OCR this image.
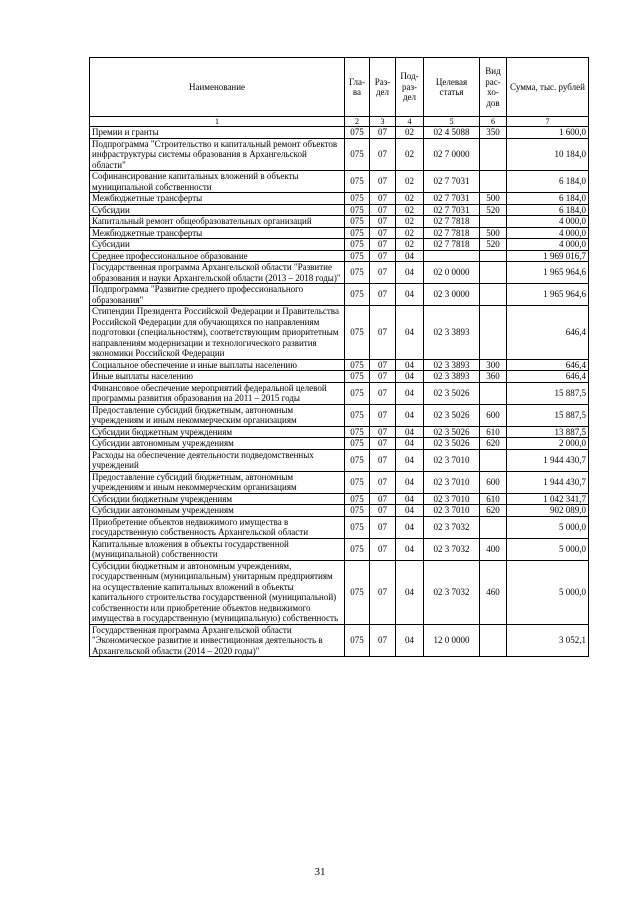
Наименование	Гла-ва	Раз-дел	Под-раз-дел	Целевая статья	Вид рас-хо-дов	Сумма, тыс. рублей
1	2	3	4	5	6	7
Премии и гранты	075	07	02	02 4 5088	350	1 600,0
Подпрограмма "Строительство и капитальный ремонт объектов инфраструктуры системы образования в Архангельской области"	075	07	02	02 7 0000		10 184,0
Софинансирование капитальных вложений в объекты муниципальной собственности	075	07	02	02 7 7031		6 184,0
Межбюджетные трансферты	075	07	02	02 7 7031	500	6 184,0
Субсидии	075	07	02	02 7 7031	520	6 184,0
Капитальный ремонт общеобразовательных организаций	075	07	02	02 7 7818		4 000,0
Межбюджетные трансферты	075	07	02	02 7 7818	500	4 000,0
Субсидии	075	07	02	02 7 7818	520	4 000,0
Среднее профессиональное образование	075	07	04			1 969 016,7
Государственная программа Архангельской области "Развитие образования и науки Архангельской области (2013 – 2018 годы)"	075	07	04	02 0 0000		1 965 964,6
Подпрограмма "Развитие среднего профессионального образования"	075	07	04	02 3 0000		1 965 964,6
Стипендии Президента Российской Федерации и Правительства Российской Федерации для обучающихся по направлениям подготовки (специальностям), соответствующим приоритетным направлениям модернизации и технологического развития экономики Российской Федерации	075	07	04	02 3 3893		646,4
Социальное обеспечение и иные выплаты населению	075	07	04	02 3 3893	300	646,4
Иные выплаты населению	075	07	04	02 3 3893	360	646,4
Финансовое обеспечение мероприятий федеральной целевой программы развития образования на 2011 – 2015 годы	075	07	04	02 3 5026		15 887,5
Предоставление субсидий бюджетным, автономным учреждениям и иным некоммерческим организациям	075	07	04	02 3 5026	600	15 887,5
Субсидии бюджетным учреждениям	075	07	04	02 3 5026	610	13 887,5
Субсидии автономным учреждениям	075	07	04	02 3 5026	620	2 000,0
Расходы на обеспечение деятельности подведомственных учреждений	075	07	04	02 3 7010		1 944 430,7
Предоставление субсидий бюджетным, автономным учреждениям и иным некоммерческим организациям	075	07	04	02 3 7010	600	1 944 430,7
Субсидии бюджетным учреждениям	075	07	04	02 3 7010	610	1 042 341,7
Субсидии автономным учреждениям	075	07	04	02 3 7010	620	902 089,0
Приобретение объектов недвижимого имущества в государственную собственность Архангельской области	075	07	04	02 3 7032		5 000,0
Капитальные вложения в объекты государственной (муниципальной) собственности	075	07	04	02 3 7032	400	5 000,0
Субсидии бюджетным и автономным учреждениям, государственным (муниципальным) унитарным предприятиям на осуществление капитальных вложений в объекты капитального строительства государственной (муниципальной) собственности или приобретение объектов недвижимого имущества в государственную (муниципальную) собственность	075	07	04	02 3 7032	460	5 000,0
Государственная программа Архангельской области "Экономическое развитие и инвестиционная деятельность в Архангельской области (2014 – 2020 годы)"	075	07	04	12 0 0000		3 052,1
31
